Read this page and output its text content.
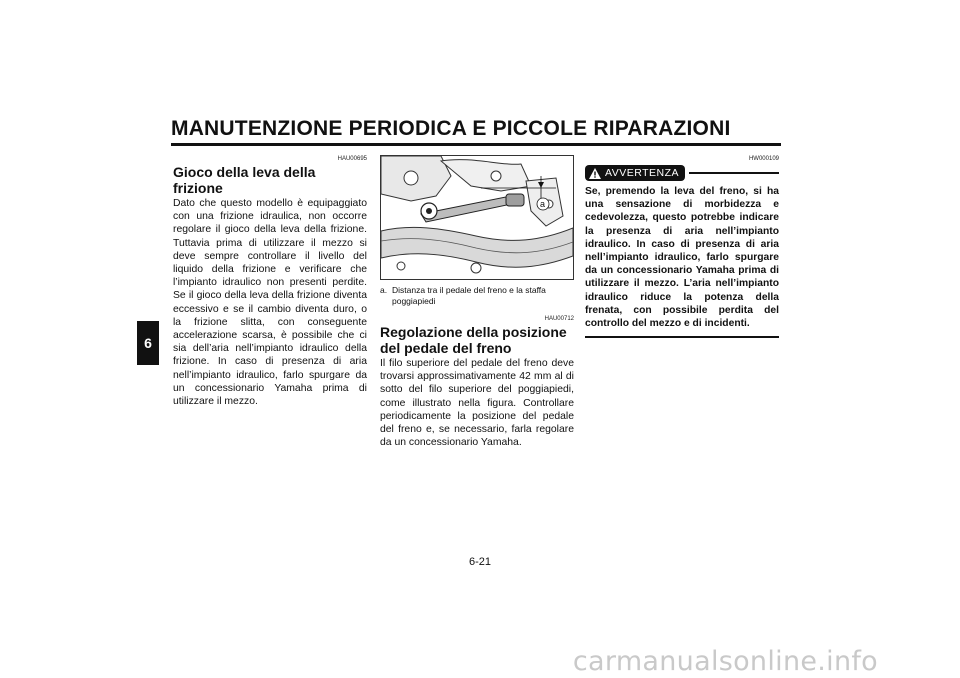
MANUTENZIONE PERIODICA E PICCOLE RIPARAZIONI
6
HAU00695
Gioco della leva della frizione

Dato che questo modello è equipaggiato con una frizione idraulica, non occorre regolare il gioco della leva della frizione. Tuttavia prima di utilizzare il mezzo si deve sempre controllare il livello del liquido della frizione e verificare che l’impianto idraulico non presenti perdite. Se il gioco della leva della frizione diventa eccessivo e se il cambio diventa duro, o la frizione slitta, con conseguente accelerazione scarsa, è possibile che ci sia dell’aria nell’impianto idraulico della frizione. In caso di presenza di aria nell’impianto idraulico, farlo spurgare da un concessionario Yamaha prima di utilizzare il mezzo.

a
a. Distanza tra il pedale del freno e la staffa poggiapiedi
HAU00712
Regolazione della posizione del pedale del freno

Il filo superiore del pedale del freno deve trovarsi approssimativamente 42 mm al di sotto del filo superiore del poggiapiedi, come illustrato nella figura. Controllare periodicamente la posizione del pedale del freno e, se necessario, farla regolare da un concessionario Yamaha.

HW000109
AVVERTENZA
Se, premendo la leva del freno, si ha una sensazione di morbidezza e cedevolezza, questo potrebbe indicare la presenza di aria nell’impianto idraulico. In caso di presenza di aria nell’impianto idraulico, farlo spurgare da un concessionario Yamaha prima di utilizzare il mezzo. L’aria nell’impianto idraulico riduce la potenza della frenata, con possibile perdita del controllo del mezzo e di incidenti.
6-21
carmanualsonline.info
